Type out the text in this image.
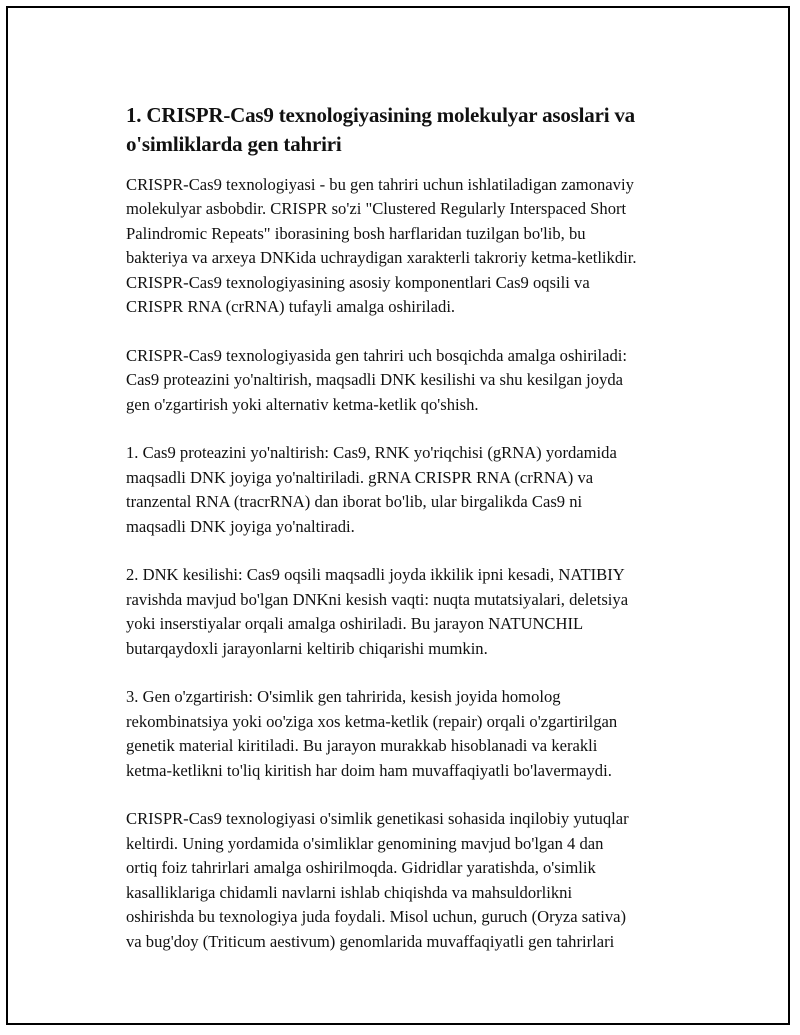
1. CRISPR-Cas9 texnologiyasining molekulyar asoslari va
o'simliklarda gen tahriri

CRISPR-Cas9 texnologiyasi - bu gen tahriri uchun ishlatiladigan zamonaviy
molekulyar asbobdir. CRISPR so'zi "Clustered Regularly Interspaced Short
Palindromic Repeats" iborasining bosh harflaridan tuzilgan bo'lib, bu
bakteriya va arxeya DNKida uchraydigan xarakterli takroriy ketma-ketlikdir.
CRISPR-Cas9 texnologiyasining asosiy komponentlari Cas9 oqsili va
CRISPR RNA (crRNA) tufayli amalga oshiriladi.

CRISPR-Cas9 texnologiyasida gen tahriri uch bosqichda amalga oshiriladi:
Cas9 proteazini yo'naltirish, maqsadli DNK kesilishi va shu kesilgan joyda
gen o'zgartirish yoki alternativ ketma-ketlik qo'shish.

1. Cas9 proteazini yo'naltirish: Cas9, RNK yo'riqchisi (gRNA) yordamida
maqsadli DNK joyiga yo'naltiriladi. gRNA CRISPR RNA (crRNA) va
tranzental RNA (tracrRNA) dan iborat bo'lib, ular birgalikda Cas9 ni
maqsadli DNK joyiga yo'naltiradi.

2. DNK kesilishi: Cas9 oqsili maqsadli joyda ikkilik ipni kesadi, NATIBIY
ravishda mavjud bo'lgan DNKni kesish vaqti: nuqta mutatsiyalari, deletsiya
yoki inserstiyalar orqali amalga oshiriladi. Bu jarayon NATUNCHIL
butarqaydoxli jarayonlarni keltirib chiqarishi mumkin.

3. Gen o'zgartirish: O'simlik gen tahririda, kesish joyida homolog
rekombinatsiya yoki oo'ziga xos ketma-ketlik (repair) orqali o'zgartirilgan
genetik material kiritiladi. Bu jarayon murakkab hisoblanadi va kerakli
ketma-ketlikni to'liq kiritish har doim ham muvaffaqiyatli bo'lavermaydi.

CRISPR-Cas9 texnologiyasi o'simlik genetikasi sohasida inqilobiy yutuqlar
keltirdi. Uning yordamida o'simliklar genomining mavjud bo'lgan 4 dan
ortiq foiz tahrirlari amalga oshirilmoqda. Gidridlar yaratishda, o'simlik
kasalliklariga chidamli navlarni ishlab chiqishda va mahsuldorlikni
oshirishda bu texnologiya juda foydali. Misol uchun, guruch (Oryza sativa)
va bug'doy (Triticum aestivum) genomlarida muvaffaqiyatli gen tahrirlari
